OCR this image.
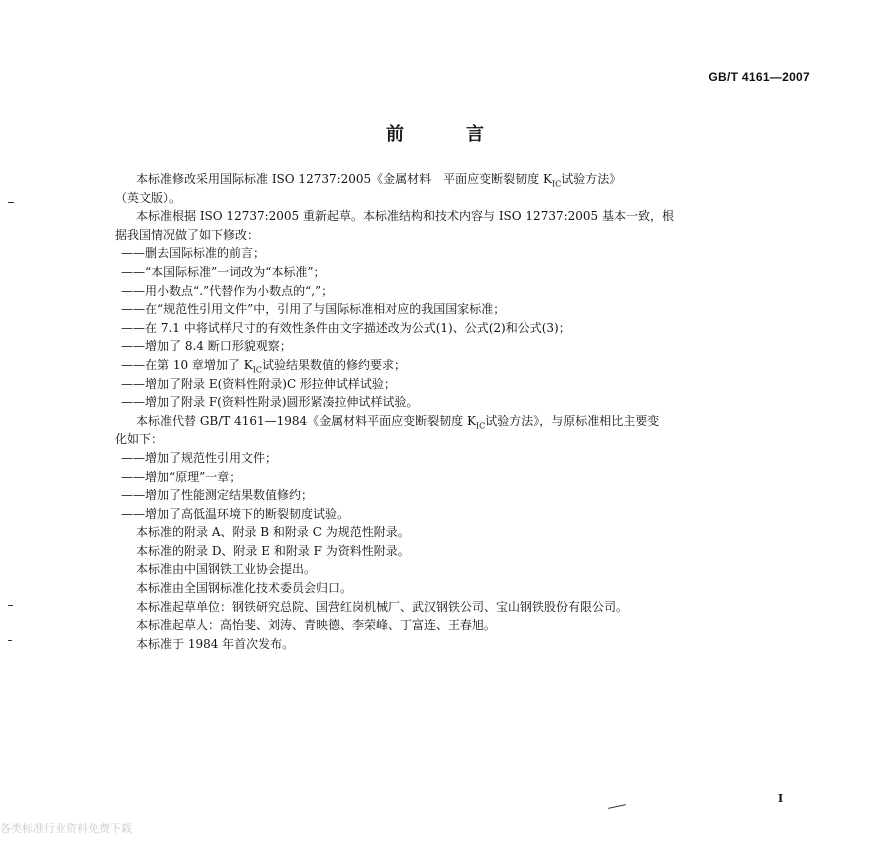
GB/T 4161—2007
前　言
本标准修改采用国际标准 ISO 12737:2005《金属材料　平面应变断裂韧度 $K_{IC}$试验方法》
（英文版）。
本标准根据 ISO 12737:2005 重新起草。本标准结构和技术内容与 ISO 12737:2005 基本一致，根
据我国情况做了如下修改：
——删去国际标准的前言；
——“本国际标准”一词改为“本标准”；
——用小数点“.”代替作为小数点的“,”；
——在“规范性引用文件”中，引用了与国际标准相对应的我国国家标准；
——在 7.1 中将试样尺寸的有效性条件由文字描述改为公式(1)、公式(2)和公式(3)；
——增加了 8.4 断口形貌观察；
——在第 10 章增加了 $K_{IC}$试验结果数值的修约要求；
——增加了附录 E(资料性附录)C 形拉伸试样试验；
——增加了附录 F(资料性附录)圆形紧凑拉伸试样试验。
本标准代替 GB/T 4161—1984《金属材料平面应变断裂韧度 $K_{IC}$试验方法》，与原标准相比主要变
化如下：
——增加了规范性引用文件；
——增加“原理”一章；
——增加了性能测定结果数值修约；
——增加了高低温环境下的断裂韧度试验。
本标准的附录 A、附录 B 和附录 C 为规范性附录。
本标准的附录 D、附录 E 和附录 F 为资料性附录。
本标准由中国钢铁工业协会提出。
本标准由全国钢标准化技术委员会归口。
本标准起草单位：钢铁研究总院、国营红岗机械厂、武汉钢铁公司、宝山钢铁股份有限公司。
本标准起草人：高怡斐、刘涛、青映德、李荣峰、丁富连、王春旭。
本标准于 1984 年首次发布。
I
各类标准行业资料免费下载
